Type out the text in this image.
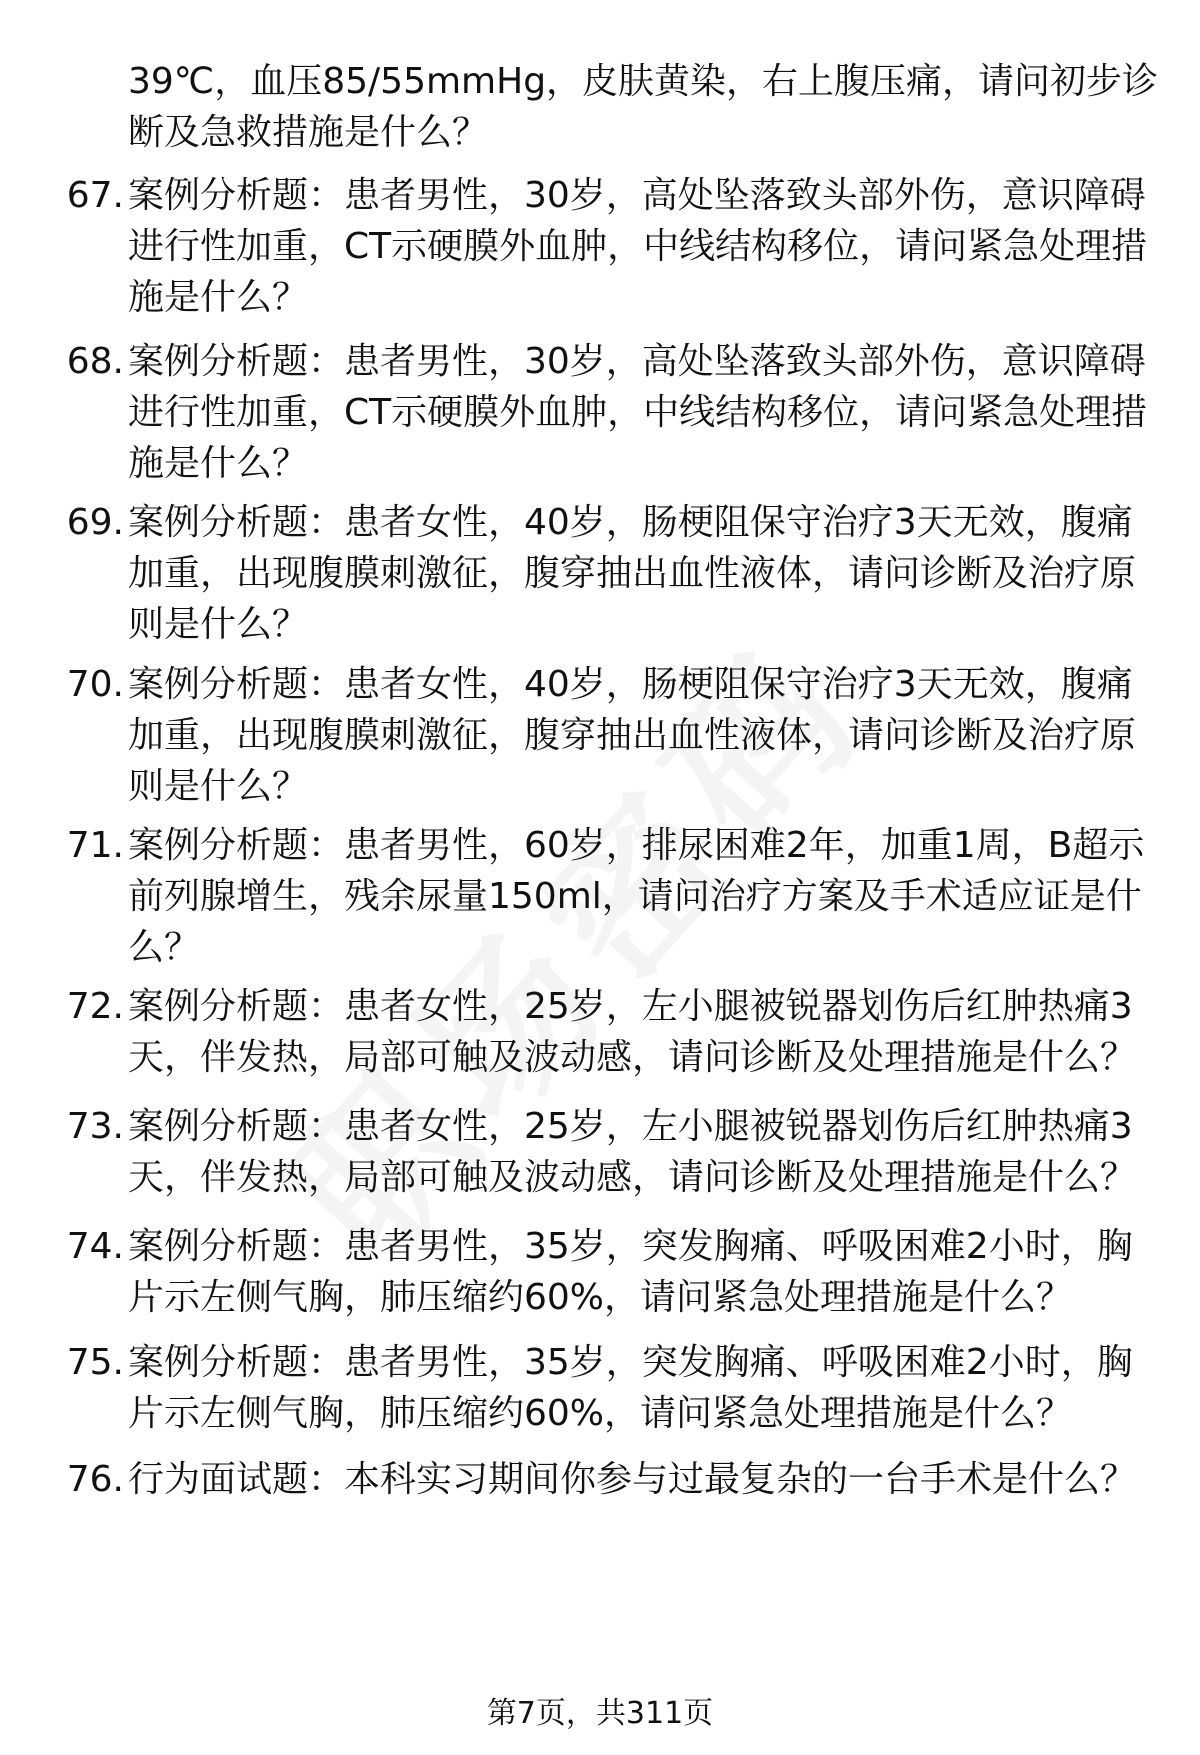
39℃，血压85/55mmHg，皮肤黄染，右上腹压痛，请问初步诊
断及急救措施是什么？
67. 案例分析题：患者男性，30岁，高处坠落致头部外伤，意识障碍
进行性加重，CT示硬膜外血肿，中线结构移位，请问紧急处理措
施是什么？
68. 案例分析题：患者男性，30岁，高处坠落致头部外伤，意识障碍
进行性加重，CT示硬膜外血肿，中线结构移位，请问紧急处理措
施是什么？
69. 案例分析题：患者女性，40岁，肠梗阻保守治疗3天无效，腹痛
加重，出现腹膜刺激征，腹穿抽出血性液体，请问诊断及治疗原
则是什么？
70. 案例分析题：患者女性，40岁，肠梗阻保守治疗3天无效，腹痛
加重，出现腹膜刺激征，腹穿抽出血性液体，请问诊断及治疗原
则是什么？
71. 案例分析题：患者男性，60岁，排尿困难2年，加重1周，B超示
前列腺增生，残余尿量150ml，请问治疗方案及手术适应证是什
么？
72. 案例分析题：患者女性，25岁，左小腿被锐器划伤后红肿热痛3
天，伴发热，局部可触及波动感，请问诊断及处理措施是什么？
73. 案例分析题：患者女性，25岁，左小腿被锐器划伤后红肿热痛3
天，伴发热，局部可触及波动感，请问诊断及处理措施是什么？
74. 案例分析题：患者男性，35岁，突发胸痛、呼吸困难2小时，胸
片示左侧气胸，肺压缩约60%，请问紧急处理措施是什么？
75. 案例分析题：患者男性，35岁，突发胸痛、呼吸困难2小时，胸
片示左侧气胸，肺压缩约60%，请问紧急处理措施是什么？
76. 行为面试题：本科实习期间你参与过最复杂的一台手术是什么？
第7页，共311页
